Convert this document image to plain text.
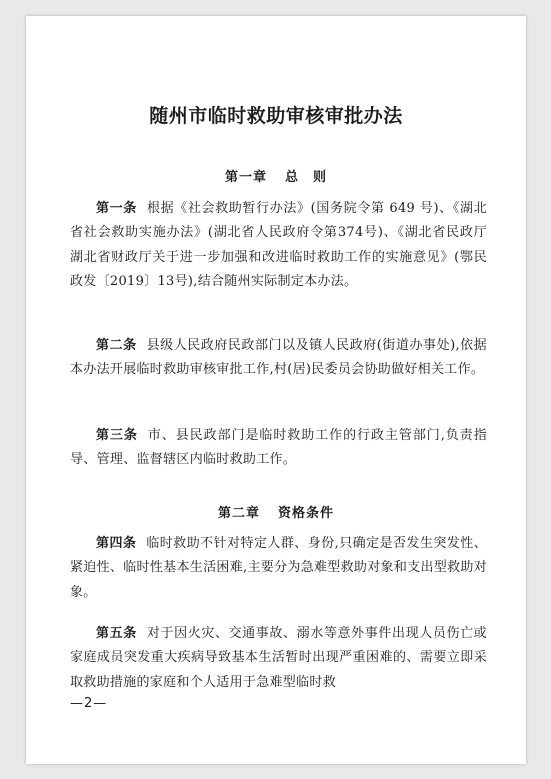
随州市临时救助审核审批办法
第一章 总　则
第一条 根据《社会救助暂行办法》(国务院令第 649 号)、《湖北省社会救助实施办法》(湖北省人民政府令第374号)、《湖北省民政厅 湖北省财政厅关于进一步加强和改进临时救助工作的实施意见》(鄂民政发〔2019〕13号),结合随州实际制定本办法。
第二条 县级人民政府民政部门以及镇人民政府(街道办事处),依据本办法开展临时救助审核审批工作,村(居)民委员会协助做好相关工作。
第三条 市、县民政部门是临时救助工作的行政主管部门,负责指导、管理、监督辖区内临时救助工作。
第二章 资格条件
第四条 临时救助不针对特定人群、身份,只确定是否发生突发性、紧迫性、临时性基本生活困难,主要分为急难型救助对象和支出型救助对象。
第五条 对于因火灾、交通事故、溺水等意外事件出现人员伤亡或家庭成员突发重大疾病导致基本生活暂时出现严重困难的、需要立即采取救助措施的家庭和个人适用于急难型临时救
—2—
